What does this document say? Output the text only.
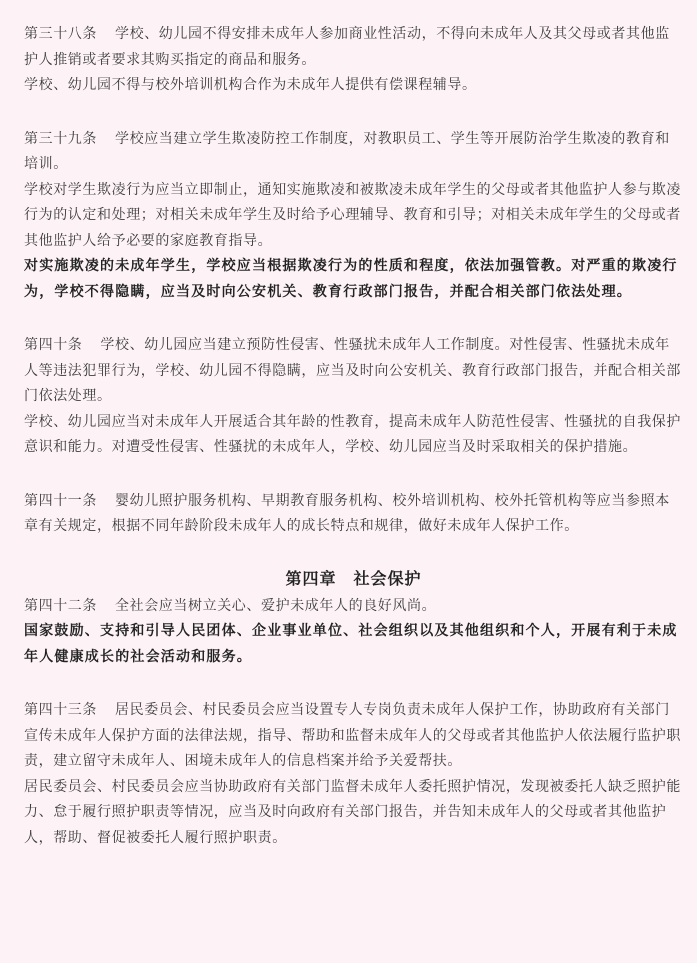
第三十八条 学校、幼儿园不得安排未成年人参加商业性活动，不得向未成年人及其父母或者其他监护人推销或者要求其购买指定的商品和服务。

学校、幼儿园不得与校外培训机构合作为未成年人提供有偿课程辅导。

第三十九条 学校应当建立学生欺凌防控工作制度，对教职员工、学生等开展防治学生欺凌的教育和培训。

学校对学生欺凌行为应当立即制止，通知实施欺凌和被欺凌未成年学生的父母或者其他监护人参与欺凌行为的认定和处理；对相关未成年学生及时给予心理辅导、教育和引导；对相关未成年学生的父母或者其他监护人给予必要的家庭教育指导。

对实施欺凌的未成年学生，学校应当根据欺凌行为的性质和程度，依法加强管教。对严重的欺凌行为，学校不得隐瞒，应当及时向公安机关、教育行政部门报告，并配合相关部门依法处理。

第四十条 学校、幼儿园应当建立预防性侵害、性骚扰未成年人工作制度。对性侵害、性骚扰未成年人等违法犯罪行为，学校、幼儿园不得隐瞒，应当及时向公安机关、教育行政部门报告，并配合相关部门依法处理。

学校、幼儿园应当对未成年人开展适合其年龄的性教育，提高未成年人防范性侵害、性骚扰的自我保护意识和能力。对遭受性侵害、性骚扰的未成年人，学校、幼儿园应当及时采取相关的保护措施。

第四十一条 婴幼儿照护服务机构、早期教育服务机构、校外培训机构、校外托管机构等应当参照本章有关规定，根据不同年龄阶段未成年人的成长特点和规律，做好未成年人保护工作。

第四章　社会保护

第四十二条 全社会应当树立关心、爱护未成年人的良好风尚。

国家鼓励、支持和引导人民团体、企业事业单位、社会组织以及其他组织和个人，开展有利于未成年人健康成长的社会活动和服务。

第四十三条 居民委员会、村民委员会应当设置专人专岗负责未成年人保护工作，协助政府有关部门宣传未成年人保护方面的法律法规，指导、帮助和监督未成年人的父母或者其他监护人依法履行监护职责，建立留守未成年人、困境未成年人的信息档案并给予关爱帮扶。

居民委员会、村民委员会应当协助政府有关部门监督未成年人委托照护情况，发现被委托人缺乏照护能力、怠于履行照护职责等情况，应当及时向政府有关部门报告，并告知未成年人的父母或者其他监护人，帮助、督促被委托人履行照护职责。
